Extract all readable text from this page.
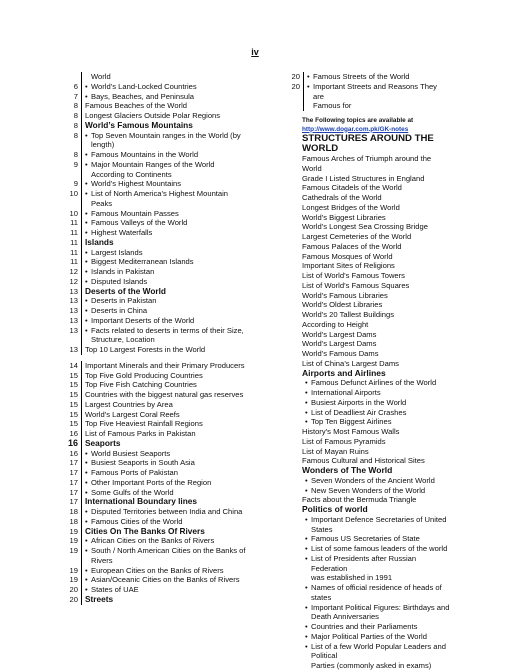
iv
World
6 • World’s Land-Locked Countries
7 • Bays, Beaches, and Peninsula
8 Famous Beaches of the World
8 Longest Glaciers Outside Polar Regions
8 World’s Famous Mountains
8 • Top Seven Mountain ranges in the World (by
length)
8 • Famous Mountains in the World
9 • Major Mountain Ranges of the World
According to Continents
9 • World’s Highest Mountains
10 • List of North America’s Highest Mountain
Peaks
10 • Famous Mountain Passes
11 • Famous Valleys of the World
11 • Highest Waterfalls
11 Islands
11 • Largest Islands
11 • Biggest Mediterranean Islands
12 • Islands in Pakistan
12 • Disputed Islands
13 Deserts of the World
13 • Deserts in Pakistan
13 • Deserts in China
13 • Important Deserts of the World
13 • Facts related to deserts in terms of their Size,
Structure, Location
13 Top 10 Largest Forests in the World
14 Important Minerals and their Primary Producers
15 Top Five Gold Producing Countries
15 Top Five Fish Catching Countries
15 Countries with the biggest natural gas reserves
15 Largest Countries by Area
15 World’s Largest Coral Reefs
15 Top Five Heaviest Rainfall Regions
16 List of Famous Parks in Pakistan
16 Seaports
16 • World Busiest Seaports
17 • Busiest Seaports in South Asia
17 • Famous Ports of Pakistan
17 • Other Important Ports of the Region
17 • Some Gulfs of the World
17 International Boundary lines
18 • Disputed Territories between India and China
18 • Famous Cities of the World
19 Cities On The Banks Of Rivers
19 • African Cities on the Banks of Rivers
19 • South / North American Cities on the Banks of
Rivers
19 • European Cities on the Banks of Rivers
19 • Asian/Oceanic Cities on the Banks of Rivers
20 • States of UAE
20 Streets
20 • Famous Streets of the World
20 • Important Streets and Reasons They are
Famous for
The Following topics are available at
http://www.dogar.com.pk/GK-notes
STRUCTURES AROUND THE WORLD
Famous Arches of Triumph around the World
Grade I Listed Structures in England
Famous Citadels of the World
Cathedrals of the World
Longest Bridges of the World
World’s Biggest Libraries
World’s Longest Sea Crossing Bridge
Largest Cemeteries of the World
Famous Palaces of the World
Famous Mosques of World
Important Sites of Religions
List of World’s Famous Towers
List of World’s Famous Squares
World’s Famous Libraries
World’s Oldest Libraries
World’s 20 Tallest Buildings
According to Height
World’s Largest Dams
World’s Largest Dams
World’s Famous Dams
List of China’s Largest Dams
Airports and Airlines
• Famous Defunct Airlines of the World
• International Airports
• Busiest Airports in the World
• List of Deadliest Air Crashes
• Top Ten Biggest Airlines
History’s Most Famous Walls
List of Famous Pyramids
List of Mayan Ruins
Famous Cultural and Historical Sites
Wonders of The World
• Seven Wonders of the Ancient World
• New Seven Wonders of the World
Facts about the Bermuda Triangle
Politics of world
• Important Defence Secretaries of United
States
• Famous US Secretaries of State
• List of some famous leaders of the world
• List of Presidents after Russian Federation
was established in 1991
• Names of official residence of heads of states
• Important Political Figures: Birthdays and
Death Anniversaries
• Countries and their Parliaments
• Major Political Parties of the World
• List of a few World Popular Leaders and Political
Parties (commonly asked in exams)
